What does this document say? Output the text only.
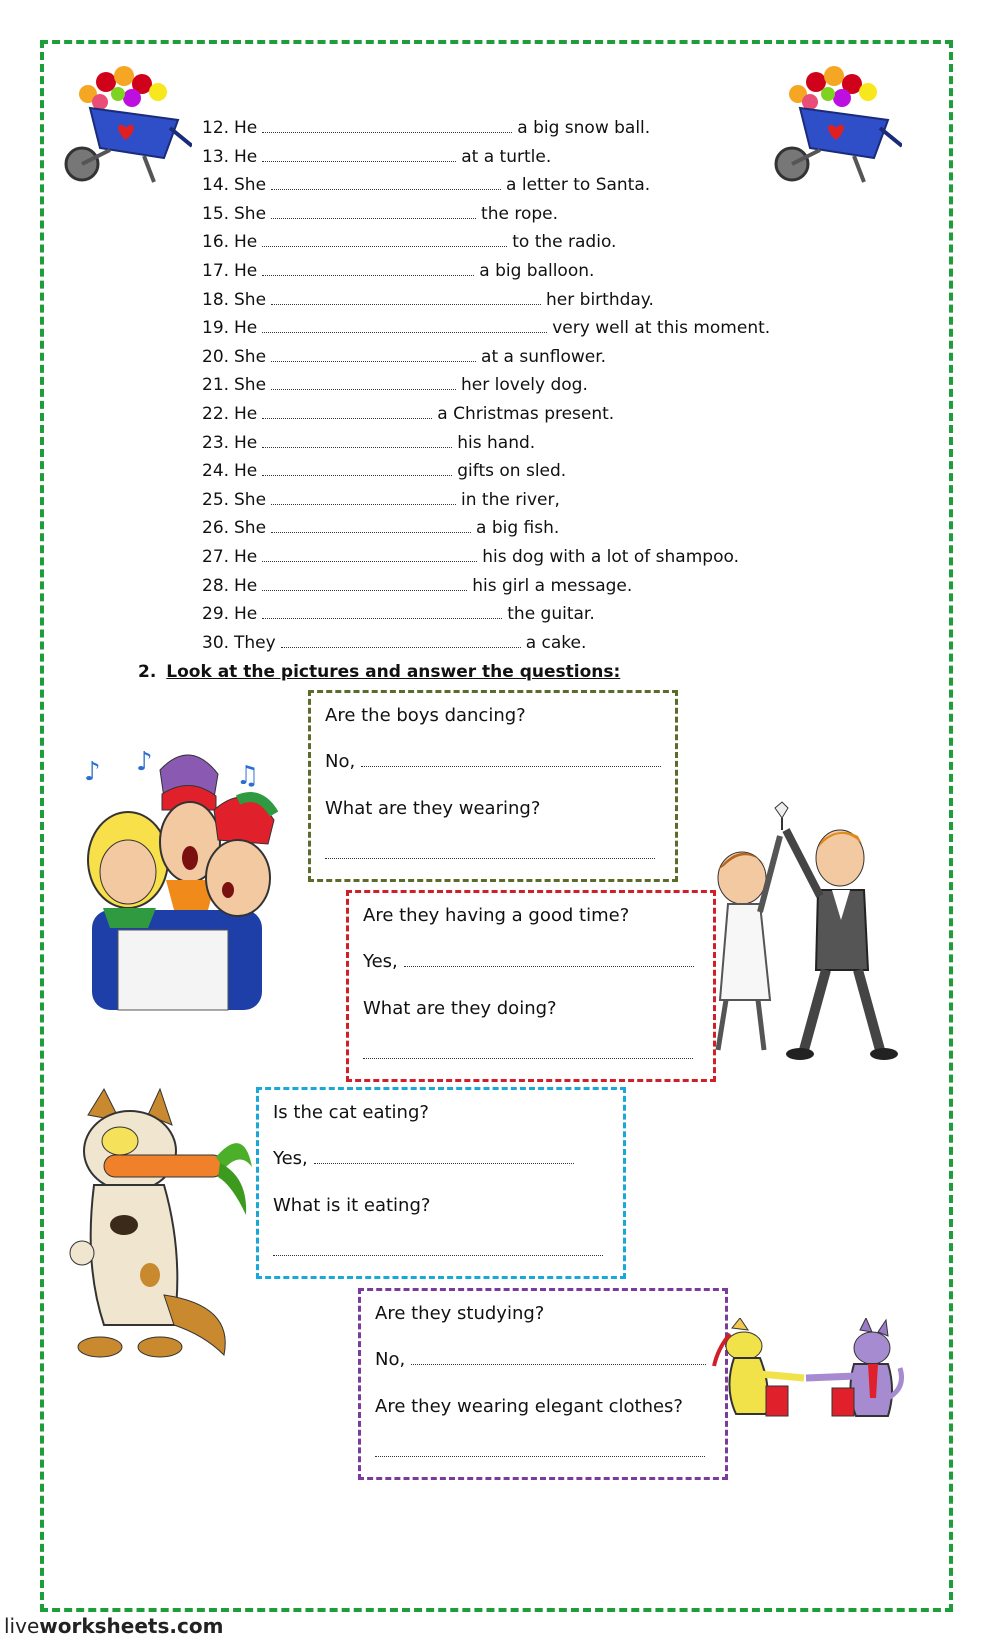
12. He	a big snow ball.
13. He	at a turtle.
14. She	a letter to Santa.
15. She	the rope.
16. He	to the radio.
17. He	a big balloon.
18. She	her birthday.
19. He	very well at this moment.
20. She	at a sunflower.
21. She	her lovely dog.
22. He	a Christmas present.
23. He	his hand.
24. He	gifts on sled.
25. She	in the river,
26. She	a big fish.
27. He	his dog with a lot of shampoo.
28. He	his girl a message.
29. He	the guitar.
30. They	a cake.
2. Look at the pictures and answer the questions:
Are the boys dancing?
No,
What are they wearing?
Are they having a good time?
Yes,
What are they doing?
Is the cat eating?
Yes,
What is it eating?
Are they studying?
No,
Are they wearing elegant clothes?
♪ ♪	♫
liveworksheets.com
